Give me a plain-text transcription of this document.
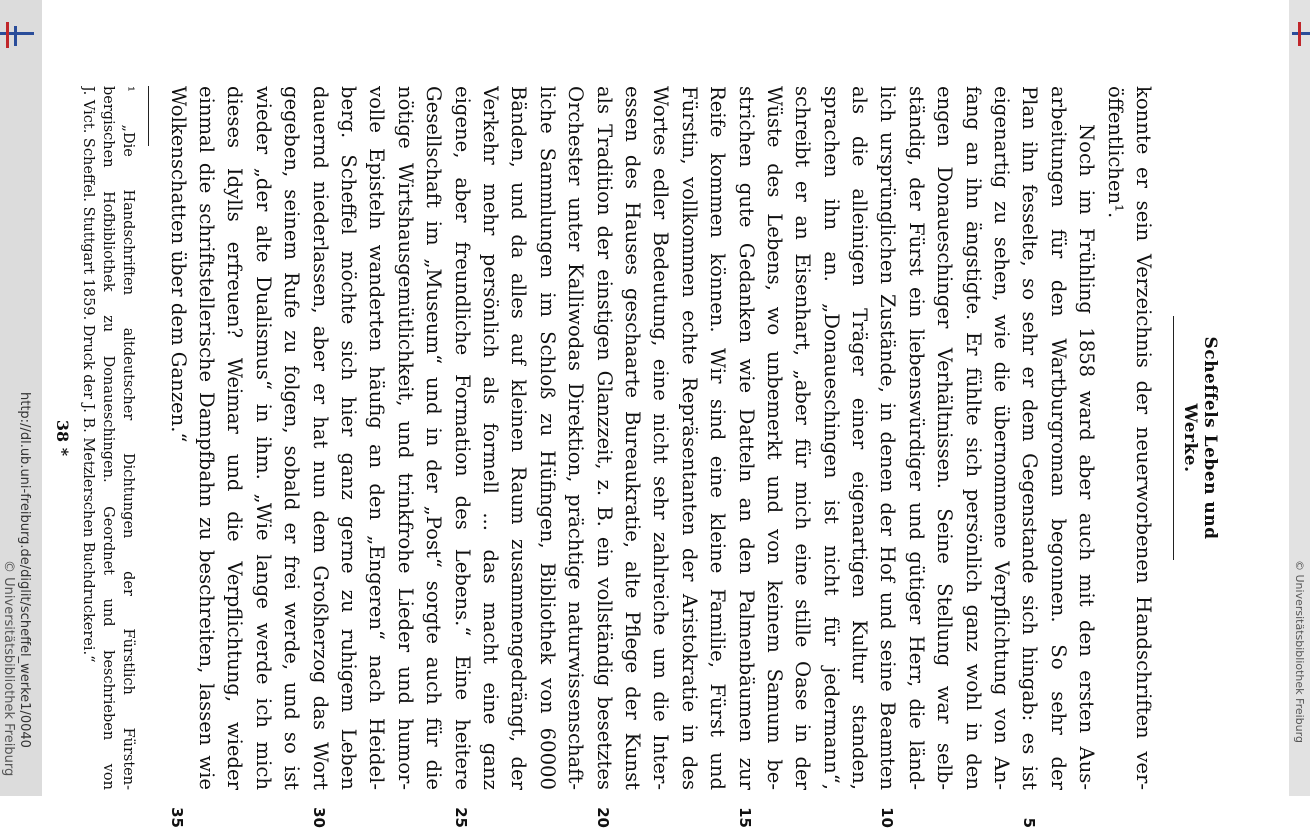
http://dl.ub.uni-freiburg.de/diglit/scheffel_werke1/0040
© Universitätsbibliothek Freiburg	© Universitätsbibliothek Freiburg
Scheffels Leben und Werke.
konnte er sein Verzeichnis der neuerworbenen Handschriften ver-
öffentlichen¹.
Noch im Frühling 1858 ward aber auch mit den ersten Aus-
arbeitungen für den Wartburgroman begonnen. So sehr der
Plan ihn fesselte, so sehr er dem Gegenstande sich hingab: es ist
eigenartig zu sehen, wie die übernommene Verpflichtung von An-
fang an ihn ängstigte. Er fühlte sich persönlich ganz wohl in den
engen Donaueschinger Verhältnissen. Seine Stellung war selb-
ständig, der Fürst ein liebenswürdiger und gütiger Herr, die länd-
lich ursprünglichen Zustände, in denen der Hof und seine Beamten
als die alleinigen Träger einer eigenartigen Kultur standen,
sprachen ihn an. „Donaueschingen ist nicht für jedermann“,
schreibt er an Eisenhart, „aber für mich eine stille Oase in der
Wüste des Lebens, wo unbemerkt und von keinem Samum be-
strichen gute Gedanken wie Datteln an den Palmenbäumen zur
Reife kommen können. Wir sind eine kleine Familie, Fürst und
Fürstin, vollkommen echte Repräsentanten der Aristokratie in des
Wortes edler Bedeutung, eine nicht sehr zahlreiche um die Inter-
essen des Hauses geschaarte Bureaukratie, alte Pflege der Kunst
als Tradition der einstigen Glanzzeit, z. B. ein vollständig besetztes
Orchester unter Kalliwodas Direktion, prächtige naturwissenschaft-
liche Sammlungen im Schloß zu Hüfingen, Bibliothek von 60000
Bänden, und da alles auf kleinen Raum zusammengedrängt, der
Verkehr mehr persönlich als formell ... das macht eine ganz
eigene, aber freundliche Formation des Lebens.“ Eine heitere
Gesellschaft im „Museum“ und in der „Post“ sorgte auch für die
nötige Wirtshausgemütlichkeit, und trinkfrohe Lieder und humor-
volle Episteln wanderten häufig an den „Engeren“ nach Heidel-
berg. Scheffel möchte sich hier ganz gerne zu ruhigem Leben
dauernd niederlassen, aber er hat nun dem Großherzog das Wort
gegeben, seinem Rufe zu folgen, sobald er frei werde, und so ist
wieder „der alte Dualismus“ in ihm. „Wie lange werde ich mich
dieses Idylls erfreuen? Weimar und die Verpflichtung, wieder
einmal die schriftstellerische Dampfbahn zu beschreiten, lassen wie
Wolkenschatten über dem Ganzen.“
5
10
15
20
25
30
35
¹ „Die Handschriften altdeutscher Dichtungen der Fürstlich Fürsten-
bergischen Hofbibliothek zu Donaueschingen. Geordnet und beschrieben von
J. Vict. Scheffel. Stuttgart 1859. Druck der J. B. Metzlerschen Buchdruckerei.“
38 *
